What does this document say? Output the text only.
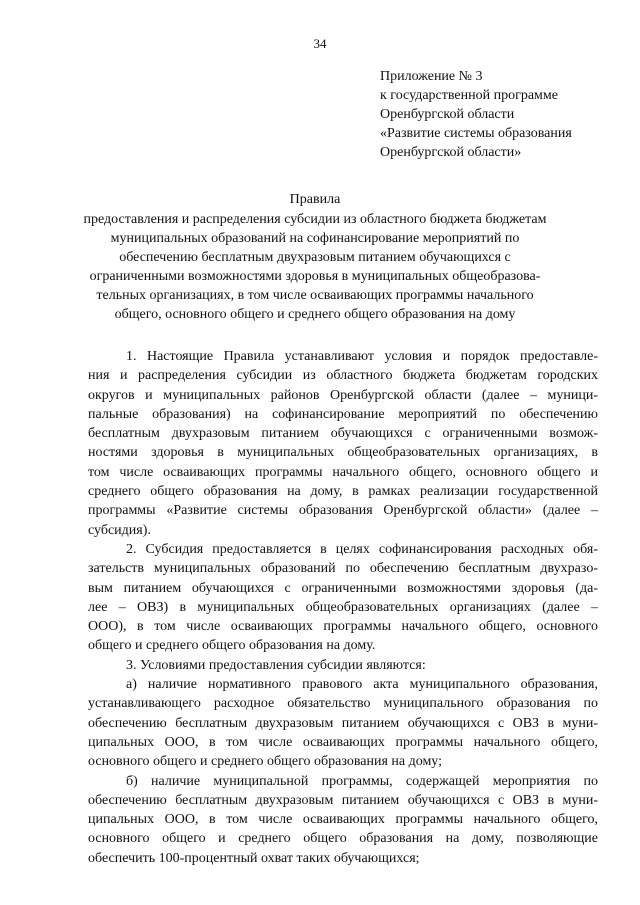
34
Приложение № 3
к государственной программе
Оренбургской области
«Развитие системы образования
Оренбургской области»
Правила
предоставления и распределения субсидии из областного бюджета бюджетам
муниципальных образований на софинансирование мероприятий по
обеспечению бесплатным двухразовым питанием обучающихся с
ограниченными возможностями здоровья в муниципальных общеобразова-
тельных организациях, в том числе осваивающих программы начального
общего, основного общего и среднего общего образования на дому
1. Настоящие Правила устанавливают условия и порядок предоставле-
ния и распределения субсидии из областного бюджета бюджетам городских
округов и муниципальных районов Оренбургской области (далее – муници-
пальные образования) на софинансирование мероприятий по обеспечению
бесплатным двухразовым питанием обучающихся с ограниченными возмож-
ностями здоровья в муниципальных общеобразовательных организациях, в
том числе осваивающих программы начального общего, основного общего и
среднего общего образования на дому, в рамках реализации государственной
программы «Развитие системы образования Оренбургской области» (далее –
субсидия).
2. Субсидия предоставляется в целях софинансирования расходных обя-
зательств муниципальных образований по обеспечению бесплатным двухразо-
вым питанием обучающихся с ограниченными возможностями здоровья (да-
лее – ОВЗ) в муниципальных общеобразовательных организациях (далее –
ООО), в том числе осваивающих программы начального общего, основного
общего и среднего общего образования на дому.
3. Условиями предоставления субсидии являются:
а) наличие нормативного правового акта муниципального образования,
устанавливающего расходное обязательство муниципального образования по
обеспечению бесплатным двухразовым питанием обучающихся с ОВЗ в муни-
ципальных ООО, в том числе осваивающих программы начального общего,
основного общего и среднего общего образования на дому;
б) наличие муниципальной программы, содержащей мероприятия по
обеспечению бесплатным двухразовым питанием обучающихся с ОВЗ в муни-
ципальных ООО, в том числе осваивающих программы начального общего,
основного общего и среднего общего образования на дому, позволяющие
обеспечить 100-процентный охват таких обучающихся;
